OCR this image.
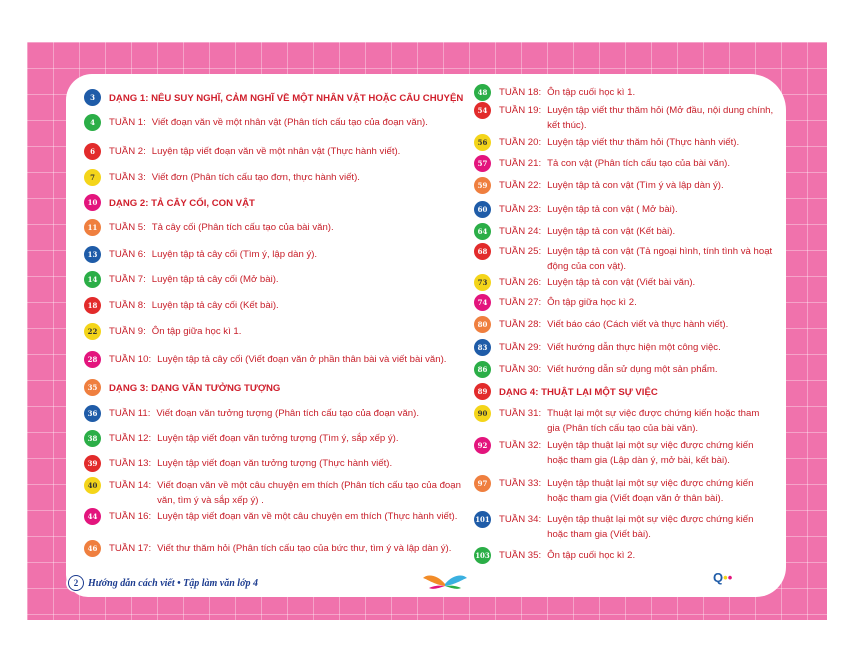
3	DẠNG 1: NÊU SUY NGHĨ, CẢM NGHĨ VỀ MỘT NHÂN VẬT HOẶC CÂU CHUYỆN
4	TUẦN 1: Viết đoạn văn về một nhân vật (Phân tích cấu tạo của đoạn văn).
6	TUẦN 2: Luyện tập viết đoạn văn về một nhân vật (Thực hành viết).
7	TUẦN 3: Viết đơn (Phân tích cấu tạo đơn, thực hành viết).
10	DẠNG 2: TẢ CÂY CỐI, CON VẬT
11	TUẦN 5: Tả cây cối (Phân tích cấu tạo của bài văn).
13	TUẦN 6: Luyện tập tả cây cối (Tìm ý, lập dàn ý).
14	TUẦN 7: Luyện tập tả cây cối (Mở bài).
18	TUẦN 8: Luyện tập tả cây cối (Kết bài).
22	TUẦN 9: Ôn tập giữa học kì 1.
28	TUẦN 10: Luyện tập tả cây cối (Viết đoạn văn ở phần thân bài và viết bài văn).
35	DẠNG 3: DẠNG VĂN TƯỞNG TƯỢNG
36	TUẦN 11: Viết đoạn văn tưởng tượng (Phân tích cấu tạo của đoạn văn).
38	TUẦN 12: Luyện tập viết đoạn văn tưởng tượng (Tìm ý, sắp xếp ý).
39	TUẦN 13: Luyện tập viết đoạn văn tưởng tượng (Thực hành viết).
40	TUẦN 14: Viết đoạn văn về một câu chuyện em thích (Phân tích cấu tạo của đoạn văn, tìm ý và sắp xếp ý) .
44	TUẦN 16: Luyện tập viết đoạn văn về một câu chuyện em thích (Thực hành viết).
46	TUẦN 17: Viết thư thăm hỏi (Phân tích cấu tạo của bức thư, tìm ý và lập dàn ý).
48	TUẦN 18: Ôn tập cuối học kì 1.
54	TUẦN 19: Luyện tập viết thư thăm hỏi (Mở đầu, nội dung chính, kết thúc).
56	TUẦN 20: Luyện tập viết thư thăm hỏi (Thực hành viết).
57	TUẦN 21: Tả con vật (Phân tích cấu tạo của bài văn).
59	TUẦN 22: Luyện tập tả con vật (Tìm ý và lập dàn ý).
60	TUẦN 23: Luyện tập tả con vật ( Mở bài).
64	TUẦN 24: Luyện tập tả con vật (Kết bài).
68	TUẦN 25: Luyện tập tả con vật (Tả ngoại hình, tính tình và hoạt động của con vật).
73	TUẦN 26: Luyện tập tả con vật (Viết bài văn).
74	TUẦN 27: Ôn tập giữa học kì 2.
80	TUẦN 28: Viết báo cáo (Cách viết và thực hành viết).
83	TUẦN 29: Viết hướng dẫn thực hiện một công việc.
86	TUẦN 30: Viết hướng dẫn sử dụng một sản phẩm.
89	DẠNG 4: THUẬT LẠI MỘT SỰ VIỆC
90	TUẦN 31: Thuật lại một sự việc được chứng kiến hoặc tham gia (Phân tích cấu tạo của bài văn).
92	TUẦN 32: Luyện tập thuật lại một sự việc được chứng kiến hoặc tham gia (Lập dàn ý, mở bài, kết bài).
97	TUẦN 33: Luyện tập thuật lại một sự việc được chứng kiến hoặc tham gia (Viết đoạn văn ở thân bài).
101 TUẦN 34: Luyện tập thuật lại một sự việc được chứng kiến hoặc tham gia (Viết bài).
103 TUẦN 35: Ôn tập cuối học kì 2.
2 Hướng dẫn cách viết • Tập làm văn lớp 4	Q••
